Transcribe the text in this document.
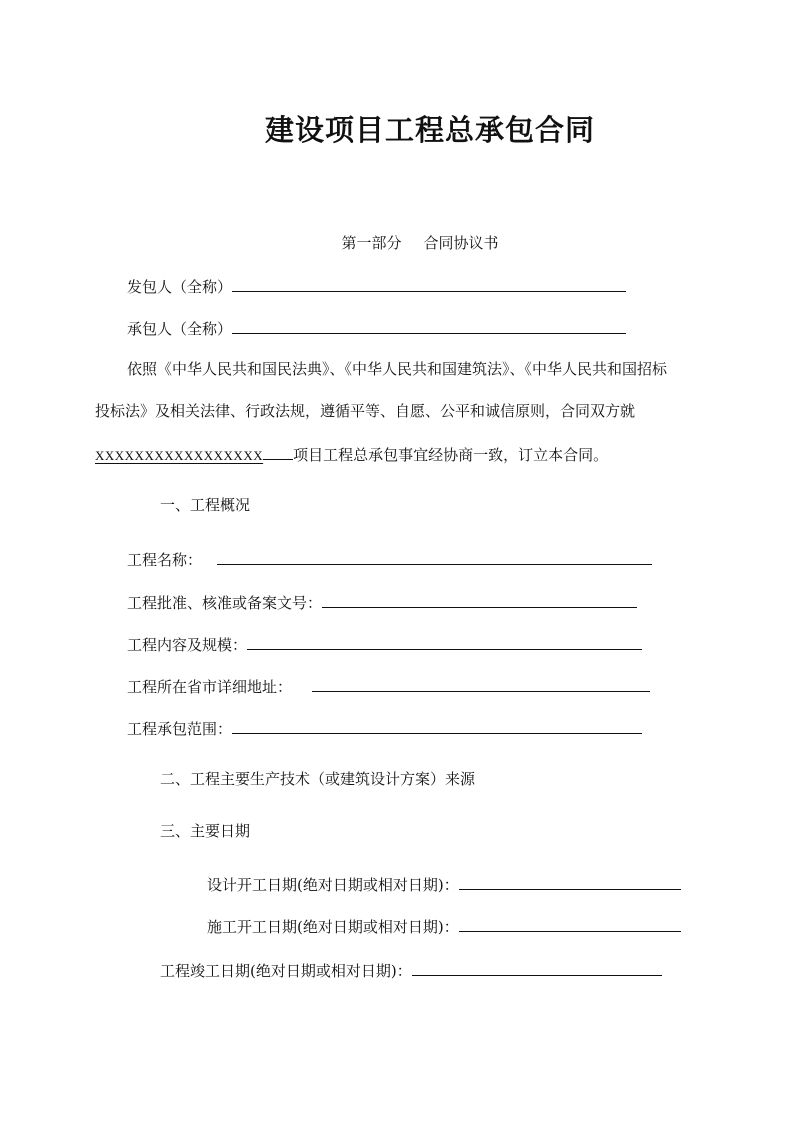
建设项目工程总承包合同
第一部分 合同协议书
发包人（全称）
承包人（全称）
依照《中华人民共和国民法典》、《中华人民共和国建筑法》、《中华人民共和国招标
投标法》及相关法律、行政法规，遵循平等、自愿、公平和诚信原则，合同双方就
XXXXXXXXXXXXXXXXX 项目工程总承包事宜经协商一致，订立本合同。
一、工程概况
工程名称：
工程批准、核准或备案文号：
工程内容及规模：
工程所在省市详细地址：
工程承包范围：
二、工程主要生产技术（或建筑设计方案）来源
三、主要日期
设计开工日期(绝对日期或相对日期)：
施工开工日期(绝对日期或相对日期)：
工程竣工日期(绝对日期或相对日期)：
